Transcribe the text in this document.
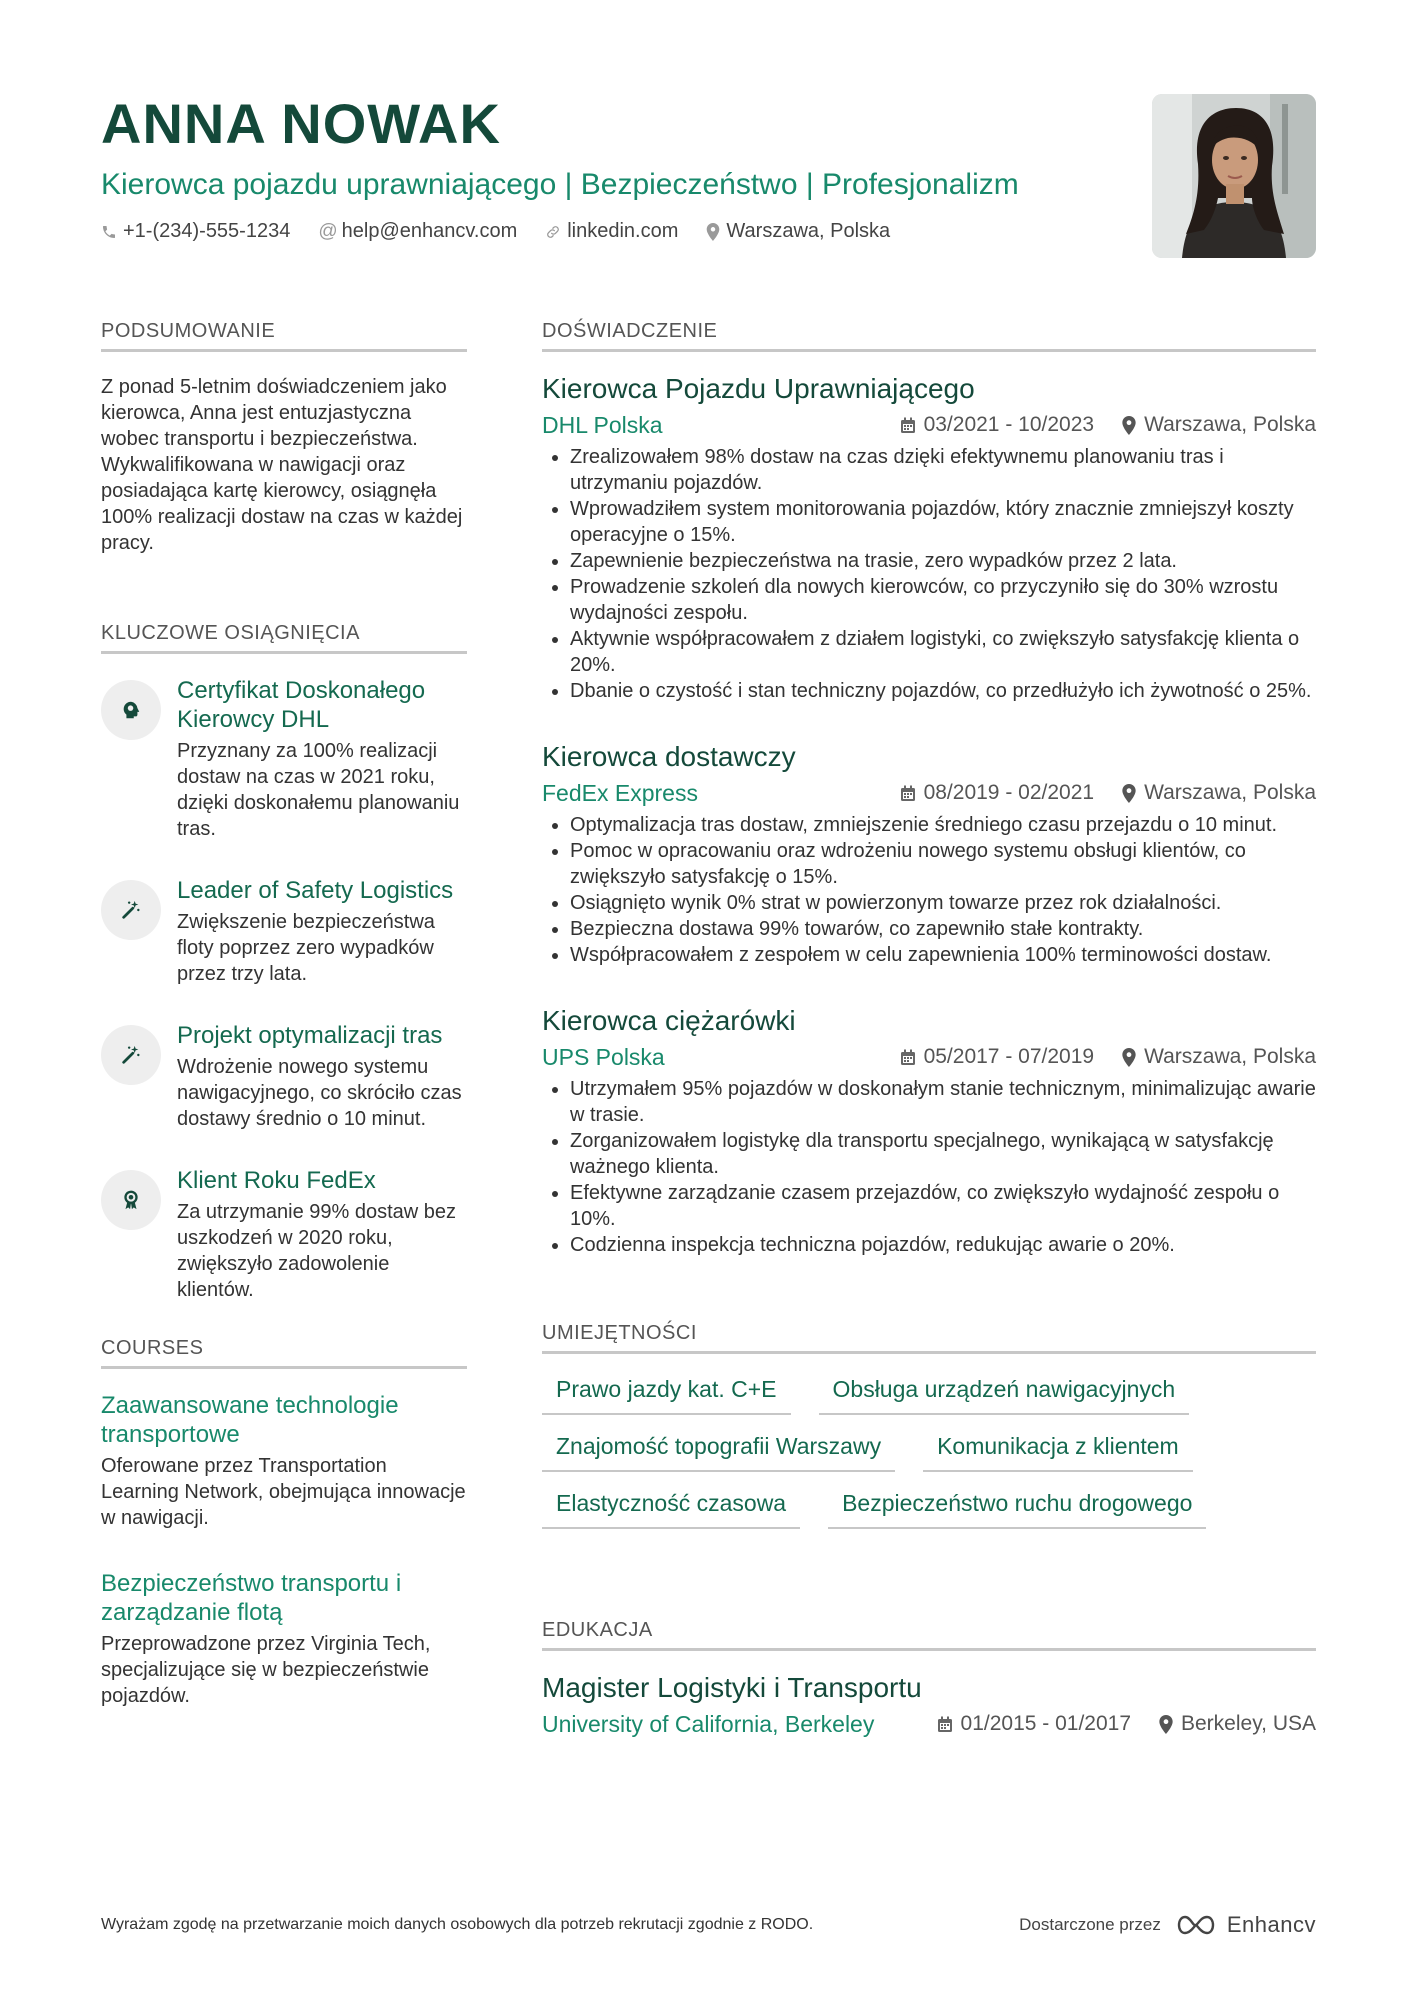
ANNA NOWAK
Kierowca pojazdu uprawniającego | Bezpieczeństwo | Profesjonalizm
+1-(234)-555-1234 @ help@enhancv.com	linkedin.com Warszawa, Polska
PODSUMOWANIE
Z ponad 5-letnim doświadczeniem jako kierowca, Anna jest entuzjastyczna wobec transportu i bezpieczeństwa. Wykwalifikowana w nawigacji oraz posiadająca kartę kierowcy, osiągnęła 100% realizacji dostaw na czas w każdej pracy.
KLUCZOWE OSIĄGNIĘCIA
Certyfikat Doskonałego Kierowcy DHL
Przyznany za 100% realizacji dostaw na czas w 2021 roku, dzięki doskonałemu planowaniu tras.
Leader of Safety Logistics
Zwiększenie bezpieczeństwa floty poprzez zero wypadków przez trzy lata.
Projekt optymalizacji tras
Wdrożenie nowego systemu nawigacyjnego, co skróciło czas dostawy średnio o 10 minut.
Klient Roku FedEx
Za utrzymanie 99% dostaw bez uszkodzeń w 2020 roku, zwiększyło zadowolenie klientów.
COURSES
Zaawansowane technologie transportowe
Oferowane przez Transportation Learning Network, obejmująca innowacje w nawigacji.
Bezpieczeństwo transportu i zarządzanie flotą
Przeprowadzone przez Virginia Tech, specjalizujące się w bezpieczeństwie pojazdów.
DOŚWIADCZENIE
Kierowca Pojazdu Uprawniającego
DHL Polska	03/2021 - 10/2023 Warszawa, Polska
• Zrealizowałem 98% dostaw na czas dzięki efektywnemu planowaniu tras i utrzymaniu pojazdów.
• Wprowadziłem system monitorowania pojazdów, który znacznie zmniejszył koszty operacyjne o 15%.
• Zapewnienie bezpieczeństwa na trasie, zero wypadków przez 2 lata.
• Prowadzenie szkoleń dla nowych kierowców, co przyczyniło się do 30% wzrostu wydajności zespołu.
• Aktywnie współpracowałem z działem logistyki, co zwiększyło satysfakcję klienta o 20%.
• Dbanie o czystość i stan techniczny pojazdów, co przedłużyło ich żywotność o 25%.
Kierowca dostawczy
FedEx Express	08/2019 - 02/2021 Warszawa, Polska
• Optymalizacja tras dostaw, zmniejszenie średniego czasu przejazdu o 10 minut.
• Pomoc w opracowaniu oraz wdrożeniu nowego systemu obsługi klientów, co zwiększyło satysfakcję o 15%.
• Osiągnięto wynik 0% strat w powierzonym towarze przez rok działalności.
• Bezpieczna dostawa 99% towarów, co zapewniło stałe kontrakty.
• Współpracowałem z zespołem w celu zapewnienia 100% terminowości dostaw.
Kierowca ciężarówki
UPS Polska	05/2017 - 07/2019 Warszawa, Polska
• Utrzymałem 95% pojazdów w doskonałym stanie technicznym, minimalizując awarie w trasie.
• Zorganizowałem logistykę dla transportu specjalnego, wynikającą w satysfakcję ważnego klienta.
• Efektywne zarządzanie czasem przejazdów, co zwiększyło wydajność zespołu o 10%.
• Codzienna inspekcja techniczna pojazdów, redukując awarie o 20%.
UMIEJĘTNOŚCI
Prawo jazdy kat. C+E	Obsługa urządzeń nawigacyjnych
Znajomość topografii Warszawy	Komunikacja z klientem
Elastyczność czasowa	Bezpieczeństwo ruchu drogowego
EDUKACJA
Magister Logistyki i Transportu
University of California, Berkeley	01/2015 - 01/2017 Berkeley, USA
Wyrażam zgodę na przetwarzanie moich danych osobowych dla potrzeb rekrutacji zgodnie z RODO.	Dostarczone przez	Enhancv
